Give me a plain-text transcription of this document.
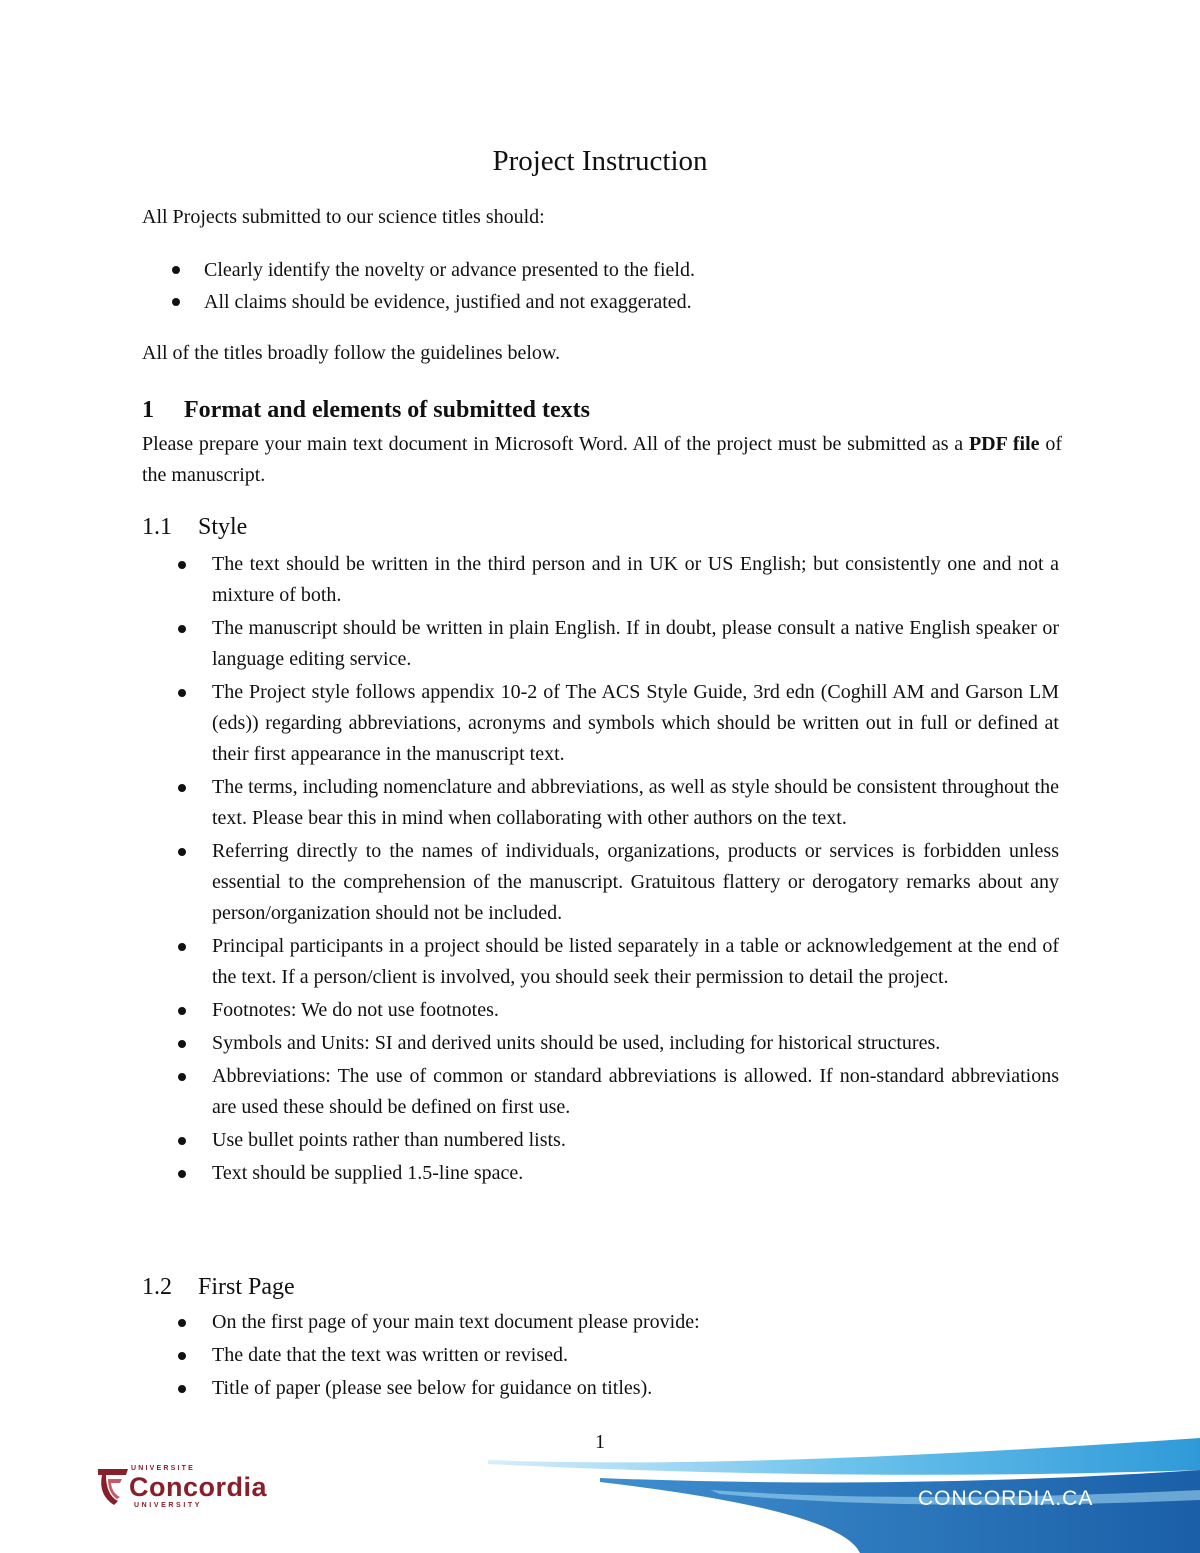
Project Instruction
All Projects submitted to our science titles should:
Clearly identify the novelty or advance presented to the field.
All claims should be evidence, justified and not exaggerated.
All of the titles broadly follow the guidelines below.
1 Format and elements of submitted texts
Please prepare your main text document in Microsoft Word. All of the project must be submitted as a PDF file of the manuscript.
1.1 Style
The text should be written in the third person and in UK or US English; but consistently one and not a mixture of both.
The manuscript should be written in plain English. If in doubt, please consult a native English speaker or language editing service.
The Project style follows appendix 10-2 of The ACS Style Guide, 3rd edn (Coghill AM and Garson LM (eds)) regarding abbreviations, acronyms and symbols which should be written out in full or defined at their first appearance in the manuscript text.
The terms, including nomenclature and abbreviations, as well as style should be consistent throughout the text. Please bear this in mind when collaborating with other authors on the text.
Referring directly to the names of individuals, organizations, products or services is forbidden unless essential to the comprehension of the manuscript. Gratuitous flattery or derogatory remarks about any person/organization should not be included.
Principal participants in a project should be listed separately in a table or acknowledgement at the end of the text. If a person/client is involved, you should seek their permission to detail the project.
Footnotes: We do not use footnotes.
Symbols and Units: SI and derived units should be used, including for historical structures.
Abbreviations: The use of common or standard abbreviations is allowed. If non-standard abbreviations are used these should be defined on first use.
Use bullet points rather than numbered lists.
Text should be supplied 1.5-line space.
1.2 First Page
On the first page of your main text document please provide:
The date that the text was written or revised.
Title of paper (please see below for guidance on titles).
1
UNIVERSITE
Concordia
UNIVERSITY	CONCORDIA.CA
